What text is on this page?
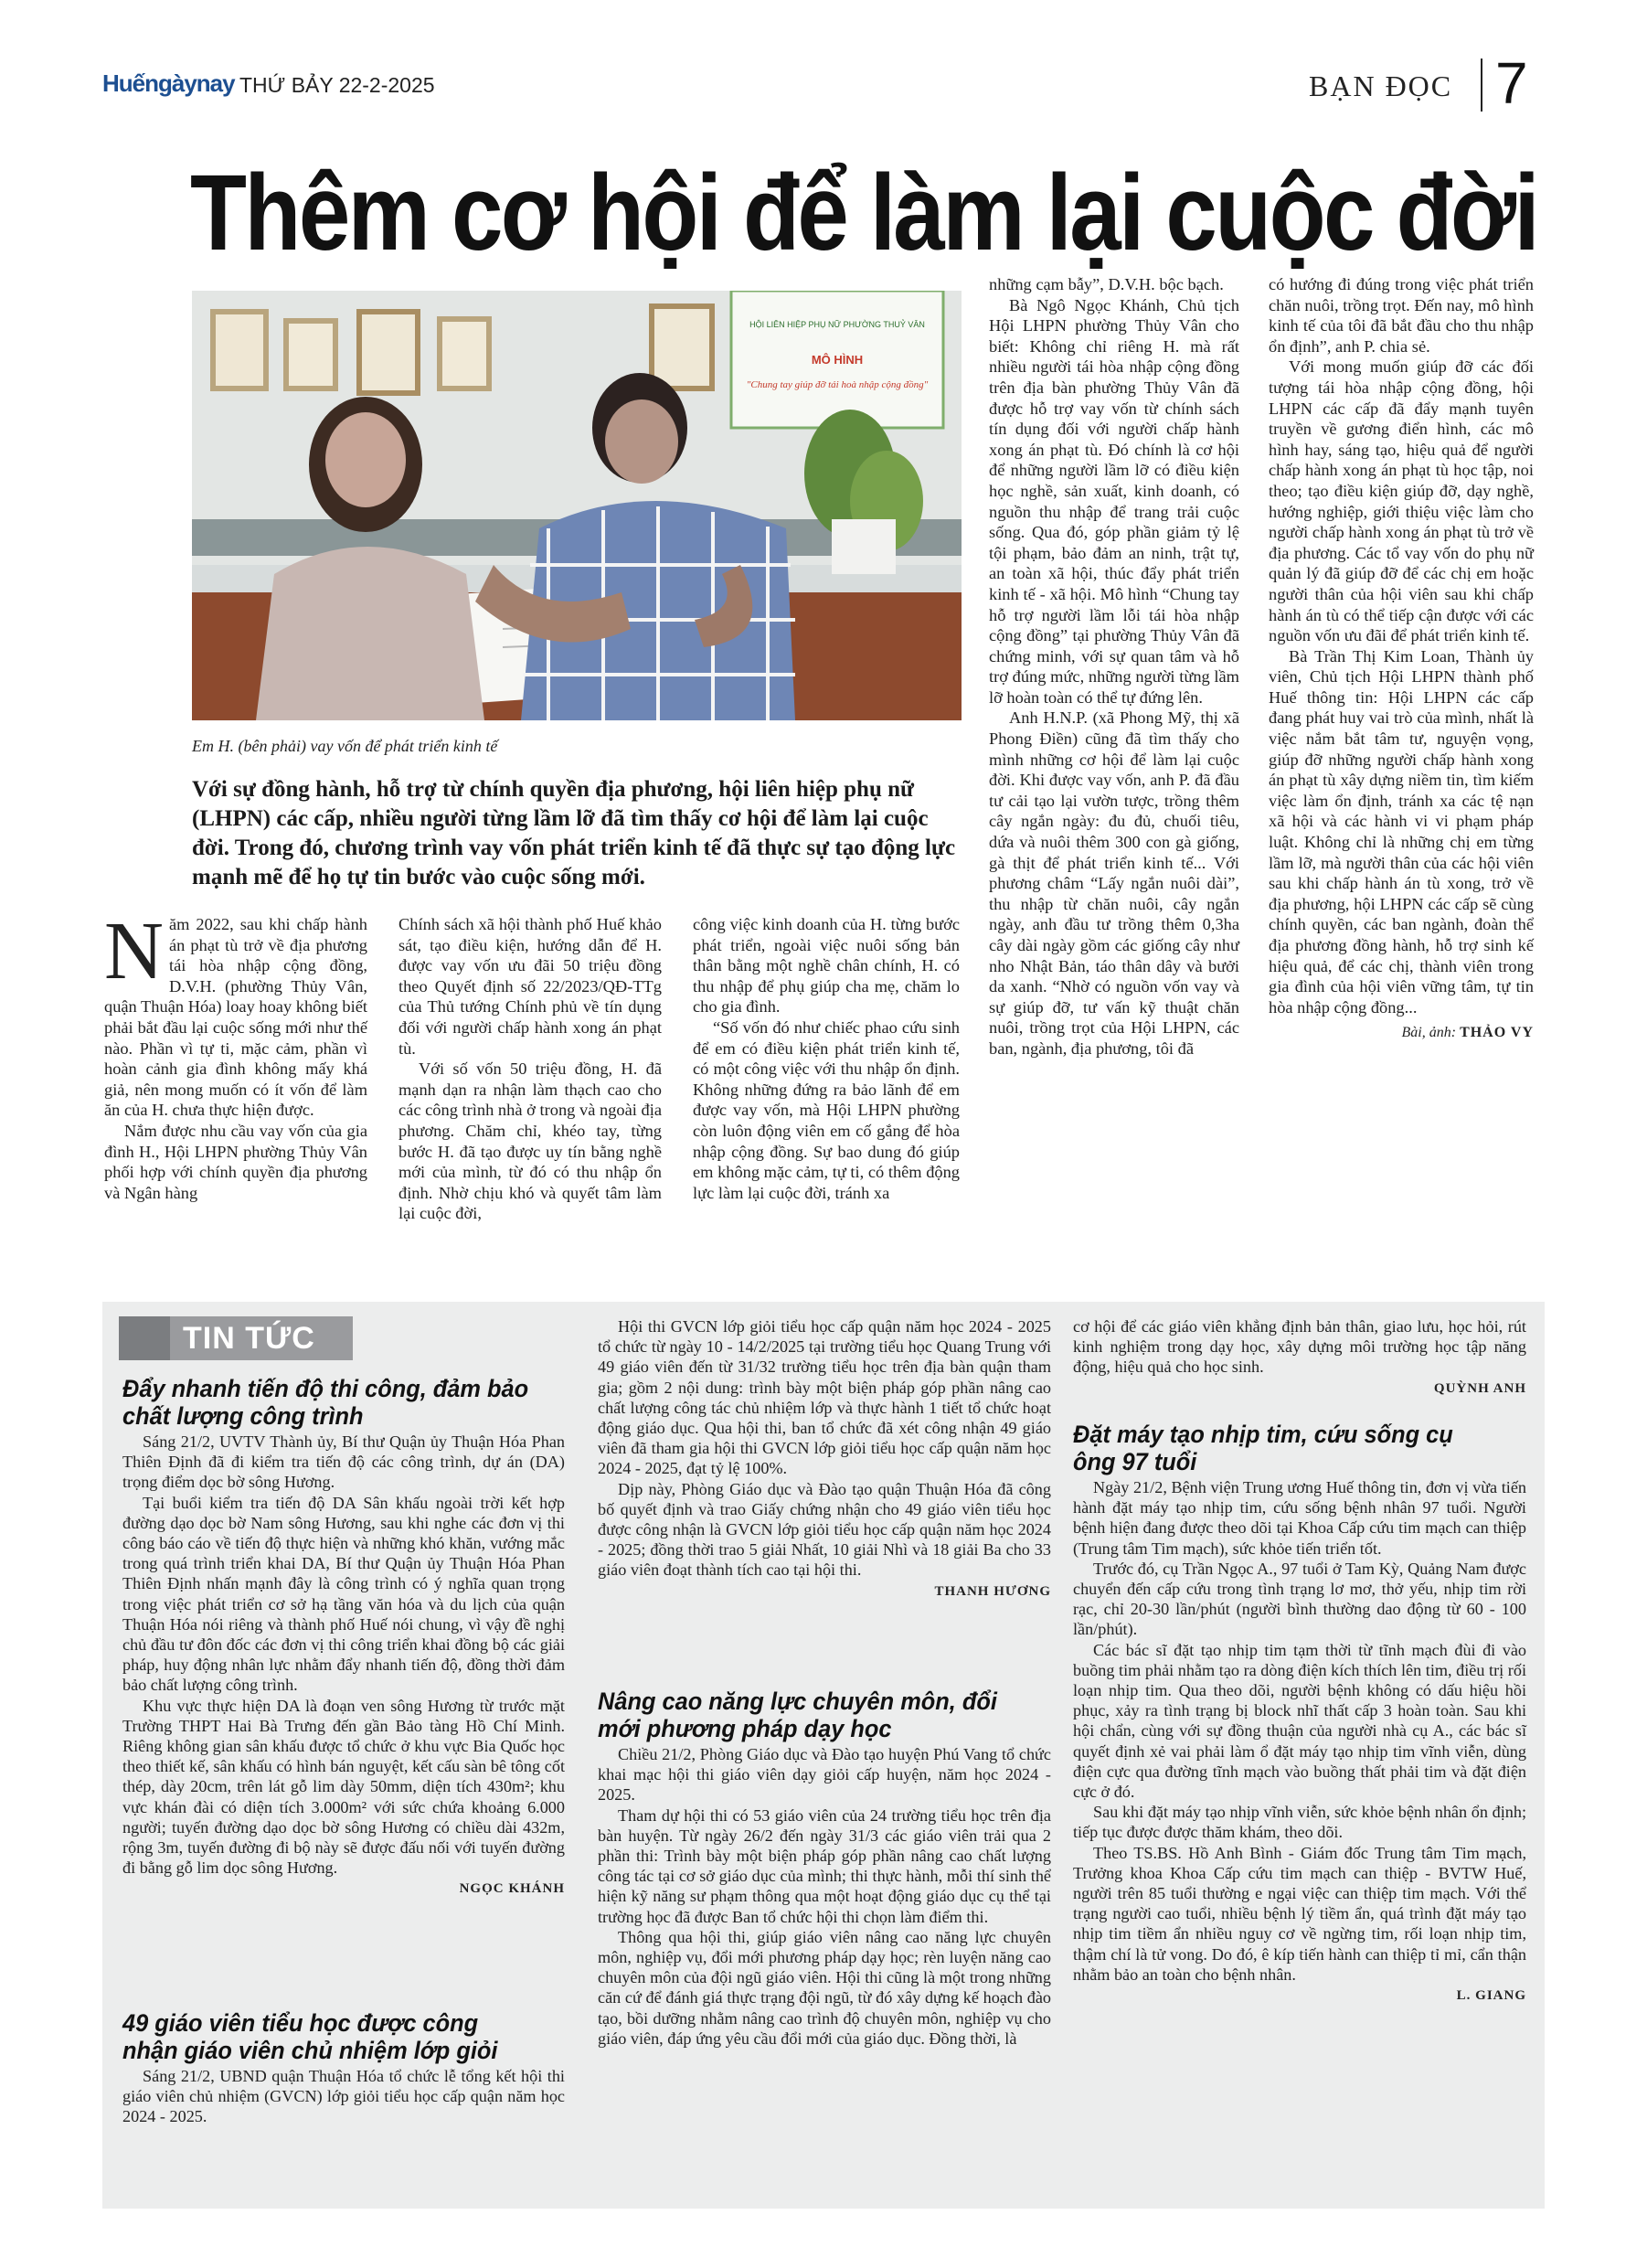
Huếngàynay THỨ BẢY 22-2-2025	BẠN ĐỌC 7
Thêm cơ hội để làm lại cuộc đời
HỘI LIÊN HIỆP PHỤ NỮ PHƯỜNG THUỶ VÂN
MÔ HÌNH
"Chung tay giúp đỡ tái hoà nhập cộng đồng"
Em H. (bên phải) vay vốn để phát triển kinh tế
Với sự đồng hành, hỗ trợ từ chính quyền địa phương, hội liên hiệp phụ nữ (LHPN) các cấp, nhiều người từng lầm lỡ đã tìm thấy cơ hội để làm lại cuộc đời. Trong đó, chương trình vay vốn phát triển kinh tế đã thực sự tạo động lực mạnh mẽ để họ tự tin bước vào cuộc sống mới.

Năm 2022, sau khi chấp hành án phạt tù trở về địa phương tái hòa nhập cộng đồng, D.V.H. (phường Thủy Vân, quận Thuận Hóa) loay hoay không biết phải bắt đầu lại cuộc sống mới như thế nào. Phần vì tự ti, mặc cảm, phần vì hoàn cảnh gia đình không mấy khá giả, nên mong muốn có ít vốn để làm ăn của H. chưa thực hiện được.

Nắm được nhu cầu vay vốn của gia đình H., Hội LHPN phường Thủy Vân phối hợp với chính quyền địa phương và Ngân hàng

Chính sách xã hội thành phố Huế khảo sát, tạo điều kiện, hướng dẫn để H. được vay vốn ưu đãi 50 triệu đồng theo Quyết định số 22/2023/QĐ-TTg của Thủ tướng Chính phủ về tín dụng đối với người chấp hành xong án phạt tù.

Với số vốn 50 triệu đồng, H. đã mạnh dạn ra nhận làm thạch cao cho các công trình nhà ở trong và ngoài địa phương. Chăm chỉ, khéo tay, từng bước H. đã tạo được uy tín bằng nghề mới của mình, từ đó có thu nhập ổn định. Nhờ chịu khó và quyết tâm làm lại cuộc đời,

công việc kinh doanh của H. từng bước phát triển, ngoài việc nuôi sống bản thân bằng một nghề chân chính, H. có thu nhập để phụ giúp cha mẹ, chăm lo cho gia đình.

“Số vốn đó như chiếc phao cứu sinh để em có điều kiện phát triển kinh tế, có một công việc với thu nhập ổn định. Không những đứng ra bảo lãnh để em được vay vốn, mà Hội LHPN phường còn luôn động viên em cố gắng để hòa nhập cộng đồng. Sự bao dung đó giúp em không mặc cảm, tự ti, có thêm động lực làm lại cuộc đời, tránh xa

những cạm bẫy”, D.V.H. bộc bạch.

Bà Ngô Ngọc Khánh, Chủ tịch Hội LHPN phường Thủy Vân cho biết: Không chỉ riêng H. mà rất nhiều người tái hòa nhập cộng đồng trên địa bàn phường Thủy Vân đã được hỗ trợ vay vốn từ chính sách tín dụng đối với người chấp hành xong án phạt tù. Đó chính là cơ hội để những người lầm lỡ có điều kiện học nghề, sản xuất, kinh doanh, có nguồn thu nhập để trang trải cuộc sống. Qua đó, góp phần giảm tỷ lệ tội phạm, bảo đảm an ninh, trật tự, an toàn xã hội, thúc đẩy phát triển kinh tế - xã hội. Mô hình “Chung tay hỗ trợ người lầm lỗi tái hòa nhập cộng đồng” tại phường Thủy Vân đã chứng minh, với sự quan tâm và hỗ trợ đúng mức, những người từng lầm lỡ hoàn toàn có thể tự đứng lên.

Anh H.N.P. (xã Phong Mỹ, thị xã Phong Điền) cũng đã tìm thấy cho mình những cơ hội để làm lại cuộc đời. Khi được vay vốn, anh P. đã đầu tư cải tạo lại vườn tược, trồng thêm cây ngắn ngày: đu đủ, chuối tiêu, dứa và nuôi thêm 300 con gà giống, gà thịt để phát triển kinh tế... Với phương châm “Lấy ngắn nuôi dài”, thu nhập từ chăn nuôi, cây ngắn ngày, anh đầu tư trồng thêm 0,3ha cây dài ngày gồm các giống cây như nho Nhật Bản, táo thân dây và bưởi da xanh. “Nhờ có nguồn vốn vay và sự giúp đỡ, tư vấn kỹ thuật chăn nuôi, trồng trọt của Hội LHPN, các ban, ngành, địa phương, tôi đã

có hướng đi đúng trong việc phát triển chăn nuôi, trồng trọt. Đến nay, mô hình kinh tế của tôi đã bắt đầu cho thu nhập ổn định”, anh P. chia sẻ.

Với mong muốn giúp đỡ các đối tượng tái hòa nhập cộng đồng, hội LHPN các cấp đã đẩy mạnh tuyên truyền về gương điển hình, các mô hình hay, sáng tạo, hiệu quả để người chấp hành xong án phạt tù học tập, noi theo; tạo điều kiện giúp đỡ, dạy nghề, hướng nghiệp, giới thiệu việc làm cho người chấp hành xong án phạt tù trở về địa phương. Các tổ vay vốn do phụ nữ quản lý đã giúp đỡ để các chị em hoặc người thân của hội viên sau khi chấp hành án tù có thể tiếp cận được với các nguồn vốn ưu đãi để phát triển kinh tế.

Bà Trần Thị Kim Loan, Thành ủy viên, Chủ tịch Hội LHPN thành phố Huế thông tin: Hội LHPN các cấp đang phát huy vai trò của mình, nhất là việc nắm bắt tâm tư, nguyện vọng, giúp đỡ những người chấp hành xong án phạt tù xây dựng niềm tin, tìm kiếm việc làm ổn định, tránh xa các tệ nạn xã hội và các hành vi vi phạm pháp luật. Không chỉ là những chị em từng lầm lỡ, mà người thân của các hội viên sau khi chấp hành án tù xong, trở về địa phương, hội LHPN các cấp sẽ cùng chính quyền, các ban ngành, đoàn thể địa phương đồng hành, hỗ trợ sinh kế hiệu quả, để các chị, thành viên trong gia đình của hội viên vững tâm, tự tin hòa nhập cộng đồng...

Bài, ảnh: THẢO VY
TIN TỨC
Đẩy nhanh tiến độ thi công, đảm bảo chất lượng công trình

Sáng 21/2, UVTV Thành ủy, Bí thư Quận ủy Thuận Hóa Phan Thiên Định đã đi kiểm tra tiến độ các công trình, dự án (DA) trọng điểm dọc bờ sông Hương.

Tại buổi kiểm tra tiến độ DA Sân khấu ngoài trời kết hợp đường dạo dọc bờ Nam sông Hương, sau khi nghe các đơn vị thi công báo cáo về tiến độ thực hiện và những khó khăn, vướng mắc trong quá trình triển khai DA, Bí thư Quận ủy Thuận Hóa Phan Thiên Định nhấn mạnh đây là công trình có ý nghĩa quan trọng trong việc phát triển cơ sở hạ tầng văn hóa và du lịch của quận Thuận Hóa nói riêng và thành phố Huế nói chung, vì vậy đề nghị chủ đầu tư đôn đốc các đơn vị thi công triển khai đồng bộ các giải pháp, huy động nhân lực nhằm đẩy nhanh tiến độ, đồng thời đảm bảo chất lượng công trình.

Khu vực thực hiện DA là đoạn ven sông Hương từ trước mặt Trường THPT Hai Bà Trưng đến gần Bảo tàng Hồ Chí Minh. Riêng không gian sân khấu được tổ chức ở khu vực Bia Quốc học theo thiết kế, sân khấu có hình bán nguyệt, kết cấu sàn bê tông cốt thép, dày 20cm, trên lát gỗ lim dày 50mm, diện tích 430m²; khu vực khán đài có diện tích 3.000m² với sức chứa khoảng 6.000 người; tuyến đường dạo dọc bờ sông Hương có chiều dài 432m, rộng 3m, tuyến đường đi bộ này sẽ được đấu nối với tuyến đường đi bằng gỗ lim dọc sông Hương.

NGỌC KHÁNH
49 giáo viên tiểu học được công nhận giáo viên chủ nhiệm lớp giỏi

Sáng 21/2, UBND quận Thuận Hóa tổ chức lễ tổng kết hội thi giáo viên chủ nhiệm (GVCN) lớp giỏi tiểu học cấp quận năm học 2024 - 2025.

Hội thi GVCN lớp giỏi tiểu học cấp quận năm học 2024 - 2025 tổ chức từ ngày 10 - 14/2/2025 tại trường tiểu học Quang Trung với 49 giáo viên đến từ 31/32 trường tiểu học trên địa bàn quận tham gia; gồm 2 nội dung: trình bày một biện pháp góp phần nâng cao chất lượng công tác chủ nhiệm lớp và thực hành 1 tiết tổ chức hoạt động giáo dục. Qua hội thi, ban tổ chức đã xét công nhận 49 giáo viên đã tham gia hội thi GVCN lớp giỏi tiểu học cấp quận năm học 2024 - 2025, đạt tỷ lệ 100%.

Dịp này, Phòng Giáo dục và Đào tạo quận Thuận Hóa đã công bố quyết định và trao Giấy chứng nhận cho 49 giáo viên tiểu học được công nhận là GVCN lớp giỏi tiểu học cấp quận năm học 2024 - 2025; đồng thời trao 5 giải Nhất, 10 giải Nhì và 18 giải Ba cho 33 giáo viên đoạt thành tích cao tại hội thi.

THANH HƯƠNG
Nâng cao năng lực chuyên môn, đổi mới phương pháp dạy học

Chiều 21/2, Phòng Giáo dục và Đào tạo huyện Phú Vang tổ chức khai mạc hội thi giáo viên dạy giỏi cấp huyện, năm học 2024 - 2025.

Tham dự hội thi có 53 giáo viên của 24 trường tiểu học trên địa bàn huyện. Từ ngày 26/2 đến ngày 31/3 các giáo viên trải qua 2 phần thi: Trình bày một biện pháp góp phần nâng cao chất lượng công tác tại cơ sở giáo dục của mình; thi thực hành, mỗi thí sinh thể hiện kỹ năng sư phạm thông qua một hoạt động giáo dục cụ thể tại trường học đã được Ban tổ chức hội thi chọn làm điểm thi.

Thông qua hội thi, giúp giáo viên nâng cao năng lực chuyên môn, nghiệp vụ, đổi mới phương pháp dạy học; rèn luyện năng cao chuyên môn của đội ngũ giáo viên. Hội thi cũng là một trong những căn cứ để đánh giá thực trạng đội ngũ, từ đó xây dựng kế hoạch đào tạo, bồi dưỡng nhằm nâng cao trình độ chuyên môn, nghiệp vụ cho giáo viên, đáp ứng yêu cầu đổi mới của giáo dục. Đồng thời, là

cơ hội để các giáo viên khẳng định bản thân, giao lưu, học hỏi, rút kinh nghiệm trong dạy học, xây dựng môi trường học tập năng động, hiệu quả cho học sinh.

QUỲNH ANH
Đặt máy tạo nhịp tim, cứu sống cụ ông 97 tuổi

Ngày 21/2, Bệnh viện Trung ương Huế thông tin, đơn vị vừa tiến hành đặt máy tạo nhịp tim, cứu sống bệnh nhân 97 tuổi. Người bệnh hiện đang được theo dõi tại Khoa Cấp cứu tim mạch can thiệp (Trung tâm Tim mạch), sức khỏe tiến triển tốt.

Trước đó, cụ Trần Ngọc A., 97 tuổi ở Tam Kỳ, Quảng Nam được chuyển đến cấp cứu trong tình trạng lơ mơ, thở yếu, nhịp tim rời rạc, chỉ 20-30 lần/phút (người bình thường dao động từ 60 - 100 lần/phút).

Các bác sĩ đặt tạo nhịp tim tạm thời từ tĩnh mạch đùi đi vào buồng tim phải nhằm tạo ra dòng điện kích thích lên tim, điều trị rối loạn nhịp tim. Qua theo dõi, người bệnh không có dấu hiệu hồi phục, xảy ra tình trạng bị block nhĩ thất cấp 3 hoàn toàn. Sau khi hội chẩn, cùng với sự đồng thuận của người nhà cụ A., các bác sĩ quyết định xẻ vai phải làm ổ đặt máy tạo nhịp tim vĩnh viễn, dùng điện cực qua đường tĩnh mạch vào buồng thất phải tim và đặt điện cực ở đó.

Sau khi đặt máy tạo nhịp vĩnh viễn, sức khỏe bệnh nhân ổn định; tiếp tục được được thăm khám, theo dõi.

Theo TS.BS. Hồ Anh Bình - Giám đốc Trung tâm Tim mạch, Trưởng khoa Khoa Cấp cứu tim mạch can thiệp - BVTW Huế, người trên 85 tuổi thường e ngại việc can thiệp tim mạch. Với thể trạng người cao tuổi, nhiều bệnh lý tiềm ẩn, quá trình đặt máy tạo nhịp tim tiềm ẩn nhiều nguy cơ về ngừng tim, rối loạn nhịp tim, thậm chí là tử vong. Do đó, ê kíp tiến hành can thiệp tỉ mỉ, cẩn thận nhằm bảo an toàn cho bệnh nhân.

L. GIANG
